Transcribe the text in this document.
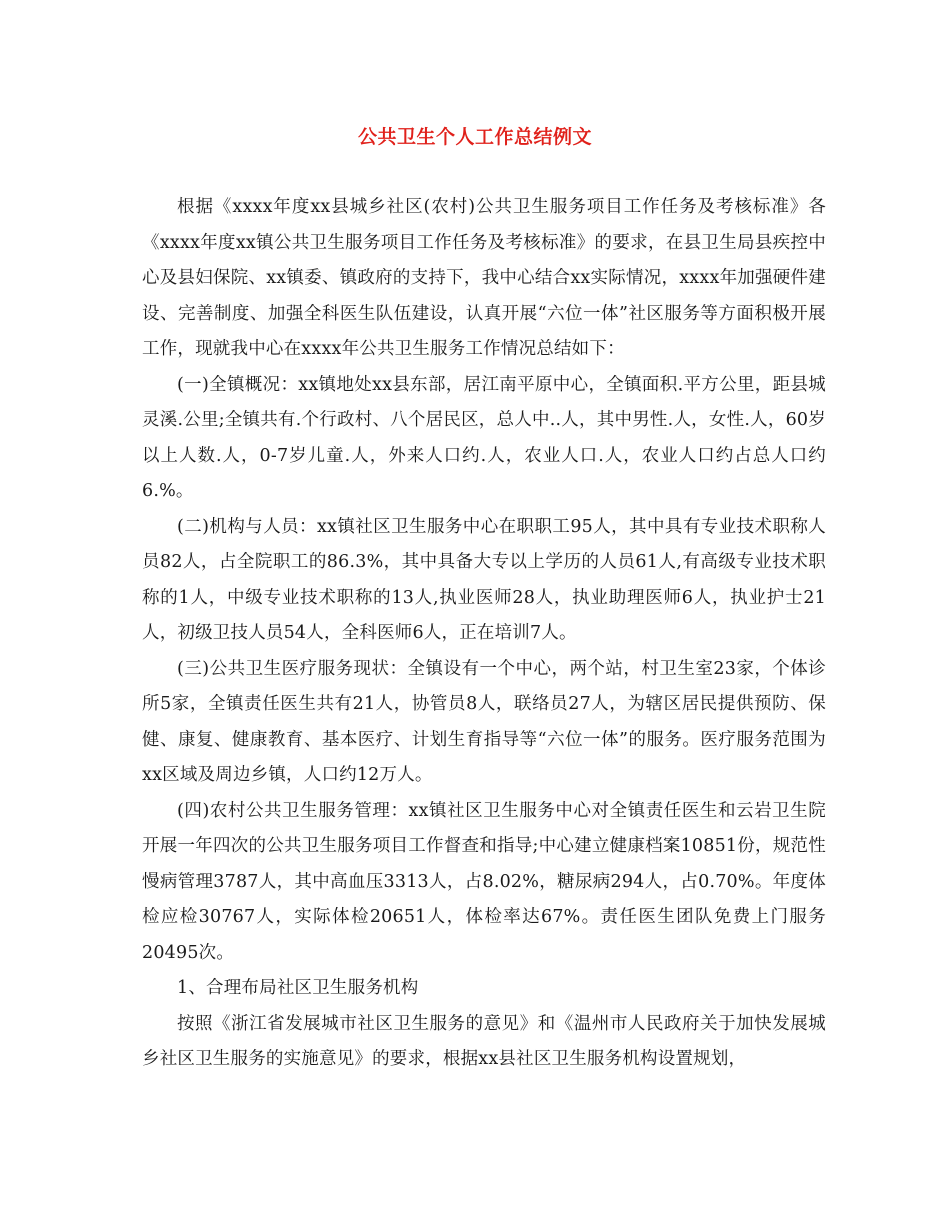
公共卫生个人工作总结例文

根据《xxxx年度xx县城乡社区(农村)公共卫生服务项目工作任务及考核标准》各《xxxx年度xx镇公共卫生服务项目工作任务及考核标准》的要求，在县卫生局县疾控中心及县妇保院、xx镇委、镇政府的支持下，我中心结合xx实际情况，xxxx年加强硬件建设、完善制度、加强全科医生队伍建设，认真开展“六位一体”社区服务等方面积极开展工作，现就我中心在xxxx年公共卫生服务工作情况总结如下：

(一)全镇概况：xx镇地处xx县东部，居江南平原中心，全镇面积.平方公里，距县城灵溪.公里;全镇共有.个行政村、八个居民区，总人中..人，其中男性.人，女性.人，60岁以上人数.人，0-7岁儿童.人，外来人口约.人，农业人口.人，农业人口约占总人口约6.%。

(二)机构与人员：xx镇社区卫生服务中心在职职工95人，其中具有专业技术职称人员82人，占全院职工的86.3%，其中具备大专以上学历的人员61人,有高级专业技术职称的1人，中级专业技术职称的13人,执业医师28人，执业助理医师6人，执业护士21人，初级卫技人员54人，全科医师6人，正在培训7人。

(三)公共卫生医疗服务现状：全镇设有一个中心，两个站，村卫生室23家，个体诊所5家，全镇责任医生共有21人，协管员8人，联络员27人，为辖区居民提供预防、保健、康复、健康教育、基本医疗、计划生育指导等“六位一体”的服务。医疗服务范围为xx区域及周边乡镇，人口约12万人。

(四)农村公共卫生服务管理：xx镇社区卫生服务中心对全镇责任医生和云岩卫生院开展一年四次的公共卫生服务项目工作督查和指导;中心建立健康档案10851份，规范性慢病管理3787人，其中高血压3313人，占8.02%，糖尿病294人，占0.70%。年度体检应检30767人，实际体检20651人，体检率达67%。责任医生团队免费上门服务20495次。

1、合理布局社区卫生服务机构

按照《浙江省发展城市社区卫生服务的意见》和《温州市人民政府关于加快发展城乡社区卫生服务的实施意见》的要求，根据xx县社区卫生服务机构设置规划，
